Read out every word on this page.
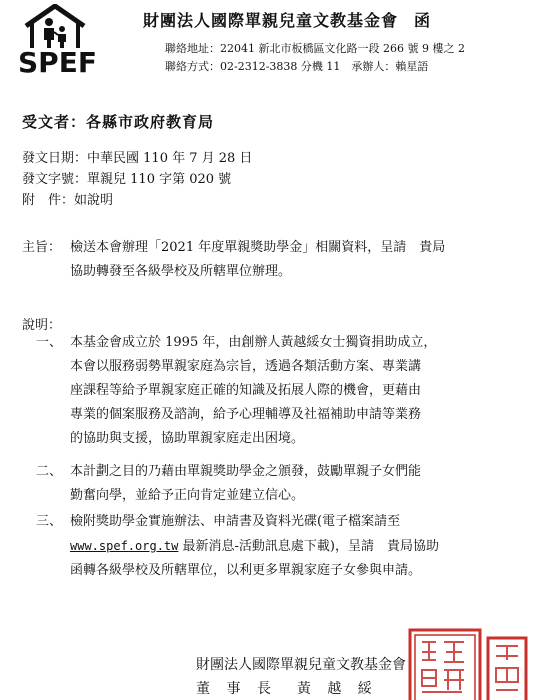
SPEF
財團法人國際單親兒童文教基金會 函
聯絡地址：22041 新北市板橋區文化路一段 266 號 9 樓之 2
聯絡方式：02-2312-3838 分機 11　承辦人：賴星語
受文者：各縣市政府教育局
發文日期：中華民國 110 年 7 月 28 日
發文字號：單親兒 110 字第 020 號
附　件：如說明
主旨： 檢送本會辦理「2021 年度單親獎助學金」相關資料，呈請　貴局
協助轉發至各級學校及所轄單位辦理。
說明：
一、 本基金會成立於 1995 年，由創辦人黃越綏女士獨資捐助成立，
本會以服務弱勢單親家庭為宗旨，透過各類活動方案、專業講
座課程等給予單親家庭正確的知識及拓展人際的機會，更藉由
專業的個案服務及諮詢，給予心理輔導及社福補助申請等業務
的協助與支援，協助單親家庭走出困境。
二、 本計劃之目的乃藉由單親獎助學金之頒發，鼓勵單親子女們能
勤奮向學，並給予正向肯定並建立信心。
三、 檢附獎助學金實施辦法、申請書及資料光碟(電子檔案請至
www.spef.org.tw 最新消息-活動訊息處下載)，呈請　貴局協助
函轉各級學校及所轄單位，以利更多單親家庭子女參與申請。
財團法人國際單親兒童文教基金會
董 事 長　黃 越 綏
